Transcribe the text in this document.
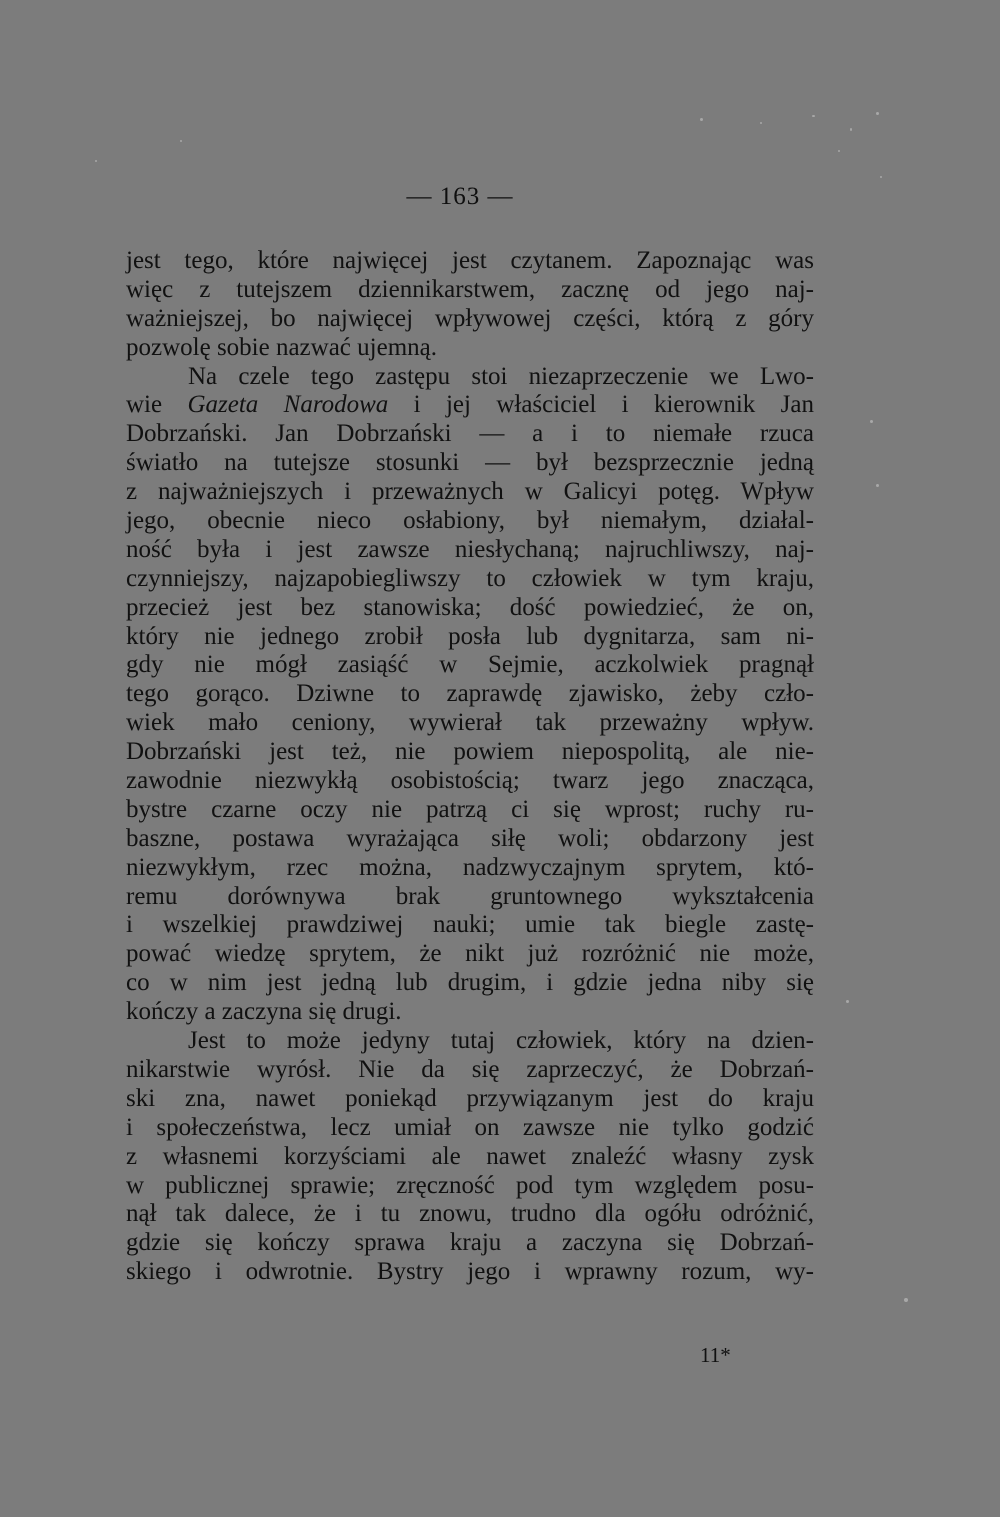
— 163 —
jest tego, które najwięcej jest czytanem. Zapoznając was
więc z tutejszem dziennikarstwem, zacznę od jego naj-
ważniejszej, bo najwięcej wpływowej części, którą z góry
pozwolę sobie nazwać ujemną.
Na czele tego zastępu stoi niezaprzeczenie we Lwo-
wie Gazeta Narodowa i jej właściciel i kierownik Jan
Dobrzański. Jan Dobrzański — a i to niemałe rzuca
światło na tutejsze stosunki — był bezsprzecznie jedną
z najważniejszych i przeważnych w Galicyi potęg. Wpływ
jego, obecnie nieco osłabiony, był niemałym, działal-
ność była i jest zawsze niesłychaną; najruchliwszy, naj-
czynniejszy, najzapobiegliwszy to człowiek w tym kraju,
przecież jest bez stanowiska; dość powiedzieć, że on,
który nie jednego zrobił posła lub dygnitarza, sam ni-
gdy nie mógł zasiąść w Sejmie, aczkolwiek pragnął
tego gorąco. Dziwne to zaprawdę zjawisko, żeby czło-
wiek mało ceniony, wywierał tak przeważny wpływ.
Dobrzański jest też, nie powiem niepospolitą, ale nie-
zawodnie niezwykłą osobistością; twarz jego znacząca,
bystre czarne oczy nie patrzą ci się wprost; ruchy ru-
baszne, postawa wyrażająca siłę woli; obdarzony jest
niezwykłym, rzec można, nadzwyczajnym sprytem, któ-
remu dorównywa brak gruntownego wykształcenia
i wszelkiej prawdziwej nauki; umie tak biegle zastę-
pować wiedzę sprytem, że nikt już rozróżnić nie może,
co w nim jest jedną lub drugim, i gdzie jedna niby się
kończy a zaczyna się drugi.
Jest to może jedyny tutaj człowiek, który na dzien-
nikarstwie wyrósł. Nie da się zaprzeczyć, że Dobrzań-
ski zna, nawet poniekąd przywiązanym jest do kraju
i społeczeństwa, lecz umiał on zawsze nie tylko godzić
z własnemi korzyściami ale nawet znaleźć własny zysk
w publicznej sprawie; zręczność pod tym względem posu-
nął tak dalece, że i tu znowu, trudno dla ogółu odróżnić,
gdzie się kończy sprawa kraju a zaczyna się Dobrzań-
skiego i odwrotnie. Bystry jego i wprawny rozum, wy-
11*
